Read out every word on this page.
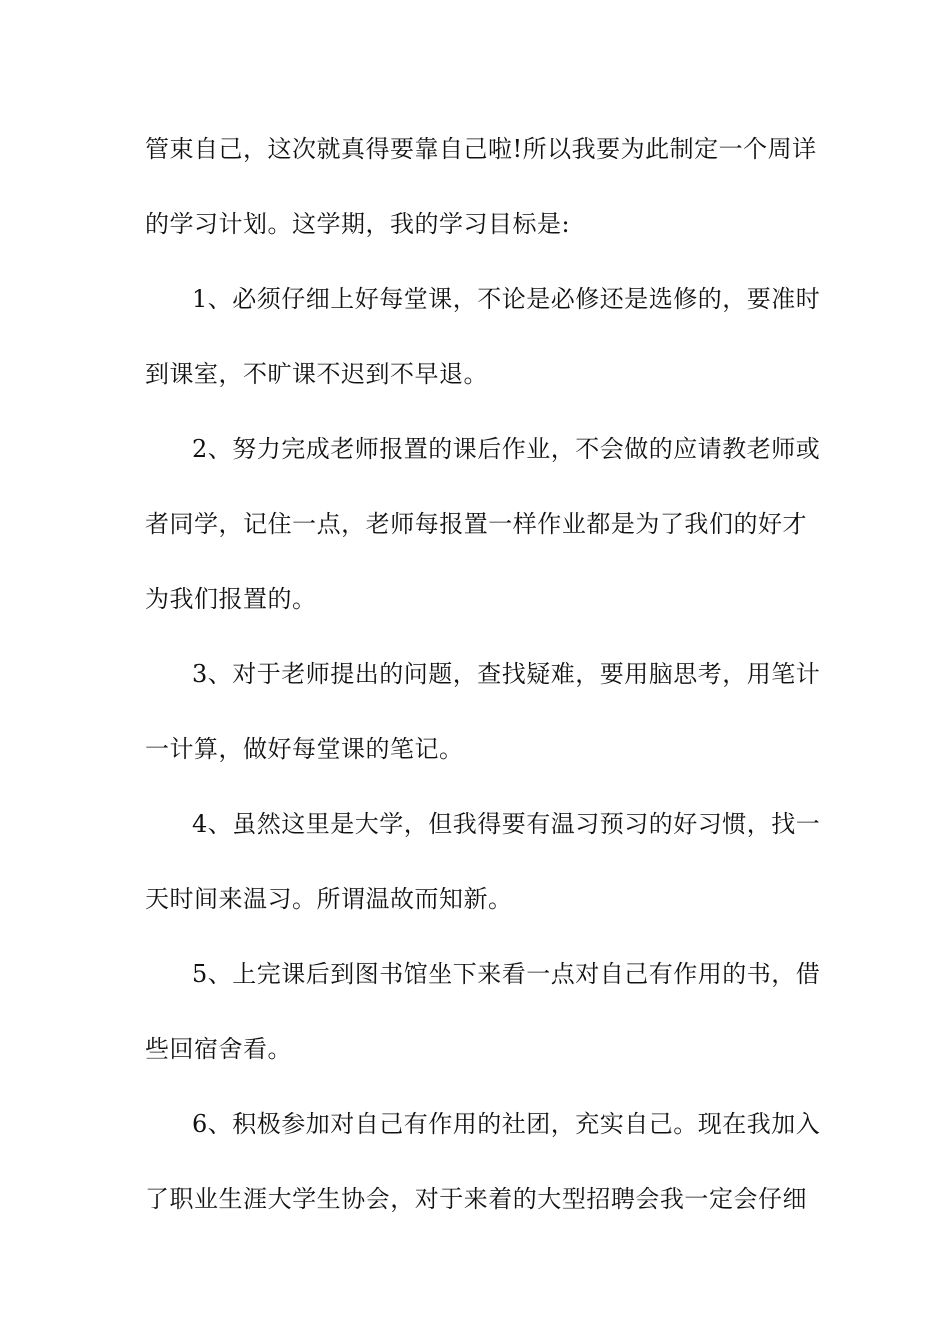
管束自己，这次就真得要靠自己啦!所以我要为此制定一个周详

的学习计划。这学期，我的学习目标是:

1、必须仔细上好每堂课，不论是必修还是选修的，要准时

到课室，不旷课不迟到不早退。

2、努力完成老师报置的课后作业，不会做的应请教老师或

者同学，记住一点，老师每报置一样作业都是为了我们的好才

为我们报置的。

3、对于老师提出的问题，查找疑难，要用脑思考，用笔计

一计算，做好每堂课的笔记。

4、虽然这里是大学，但我得要有温习预习的好习惯，找一

天时间来温习。所谓温故而知新。

5、上完课后到图书馆坐下来看一点对自己有作用的书，借

些回宿舍看。

6、积极参加对自己有作用的社团，充实自己。现在我加入

了职业生涯大学生协会，对于来着的大型招聘会我一定会仔细
